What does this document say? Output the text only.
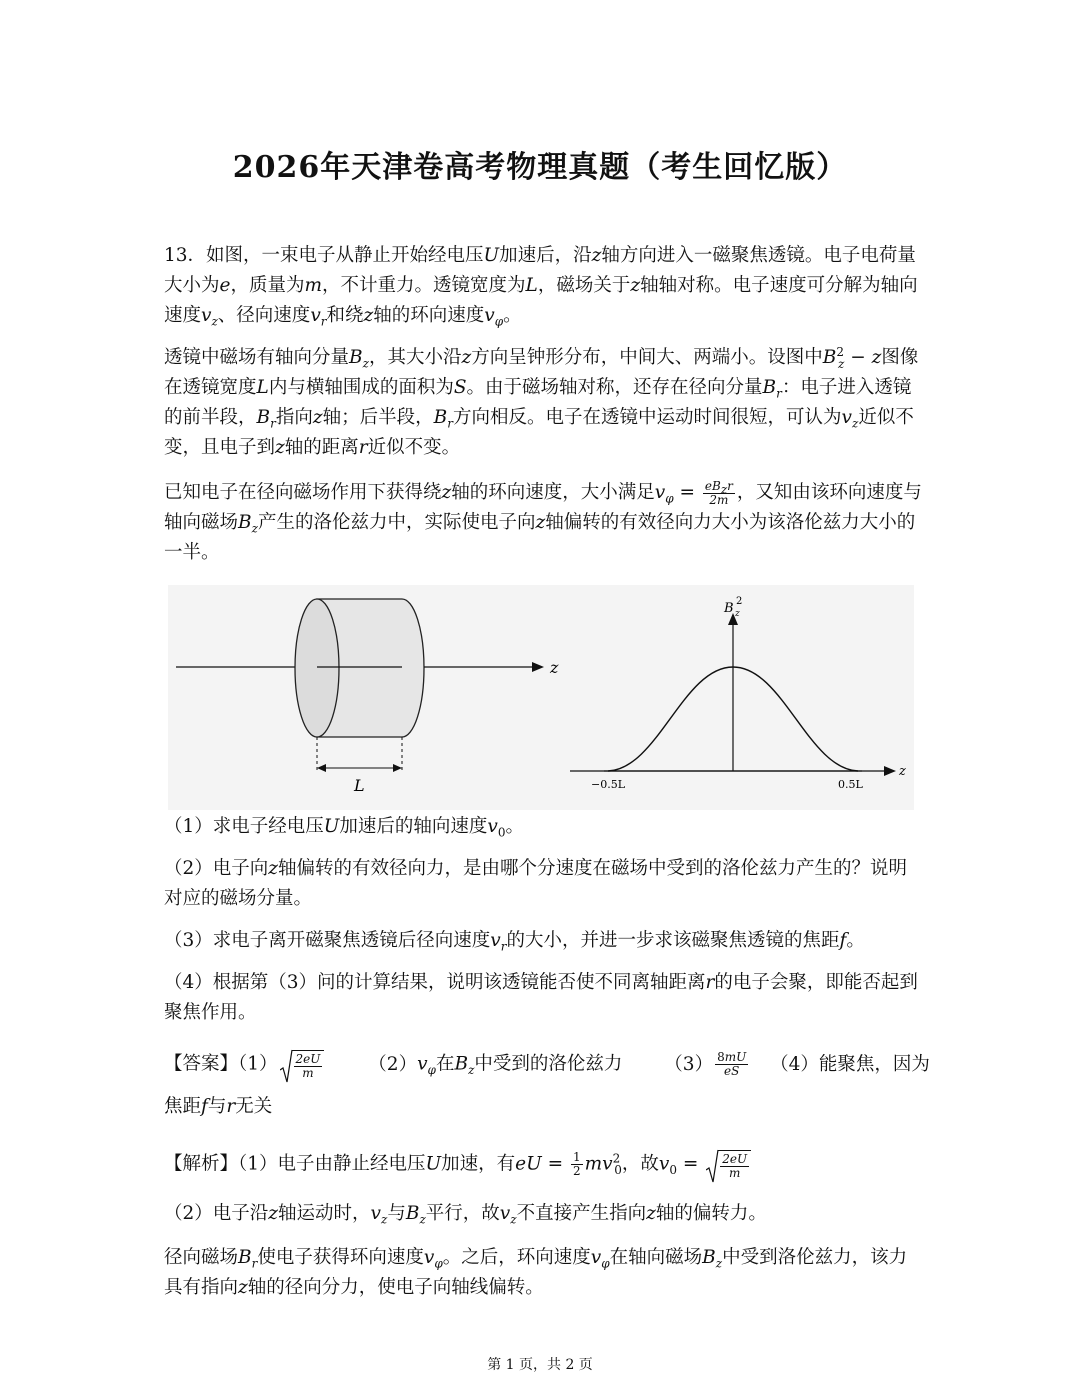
2026年天津卷高考物理真题（考生回忆版）

13．如图，一束电子从静止开始经电压U加速后，沿z轴方向进入一磁聚焦透镜。电子电荷量大小为e，质量为m，不计重力。透镜宽度为L，磁场关于z轴轴对称。电子速度可分解为轴向速度$v_z$、径向速度$v_r$和绕z轴的环向速度$v_\varphi$。

透镜中磁场有轴向分量$B_z$，其大小沿z方向呈钟形分布，中间大、两端小。设图中$B^2_z - z$图像在透镜宽度L内与横轴围成的面积为S。由于磁场轴对称，还存在径向分量$B_r$：电子进入透镜的前半段，$B_r$指向z轴；后半段，$B_r$方向相反。电子在透镜中运动时间很短，可认为$v_z$近似不变，且电子到z轴的距离r近似不变。

已知电子在径向磁场作用下获得绕z轴的环向速度，大小满足$v_\varphi = \frac{eB_zr}{2m}$ ，又知由该环向速度与轴向磁场$B_z$产生的洛伦兹力中，实际使电子向z轴偏转的有效径向力大小为该洛伦兹力大小的一半。

z
L
z
B 2
z
−0.5L	0.5L

（1）求电子经电压U加速后的轴向速度$v_0$。

（2）电子向z轴偏转的有效径向力，是由哪个分速度在磁场中受到的洛伦兹力产生的？说明对应的磁场分量。

（3）求电子离开磁聚焦透镜后径向速度$v_r$的大小，并进一步求该磁聚焦透镜的焦距f。

（4）根据第（3）问的计算结果，说明该透镜能否使不同离轴距离r的电子会聚，即能否起到聚焦作用。

【答案】$(1) \frac{2eU}{m} (2)v_\varphi$在$B_z$中受到的洛伦兹力 $(3) \frac{8mU}{eS} (4)$能聚焦，因为
焦距f与r无关
【解析】（1）电子由静止经电压U加速，有eU = $\frac{1}{2} mv^2_0$，故$v_0 = \frac{2eU}{m}$
（2）电子沿z轴运动时，$v_z$与$B_z$平行，故$v_z$不直接产生指向z轴的偏转力。

径向磁场$B_r$使电子获得环向速度$v_\varphi$。之后，环向速度$v_\varphi$在轴向磁场$B_z$中受到洛伦兹力，该力具有指向z轴的径向分力，使电子向轴线偏转。

第 1 页，共 2 页
